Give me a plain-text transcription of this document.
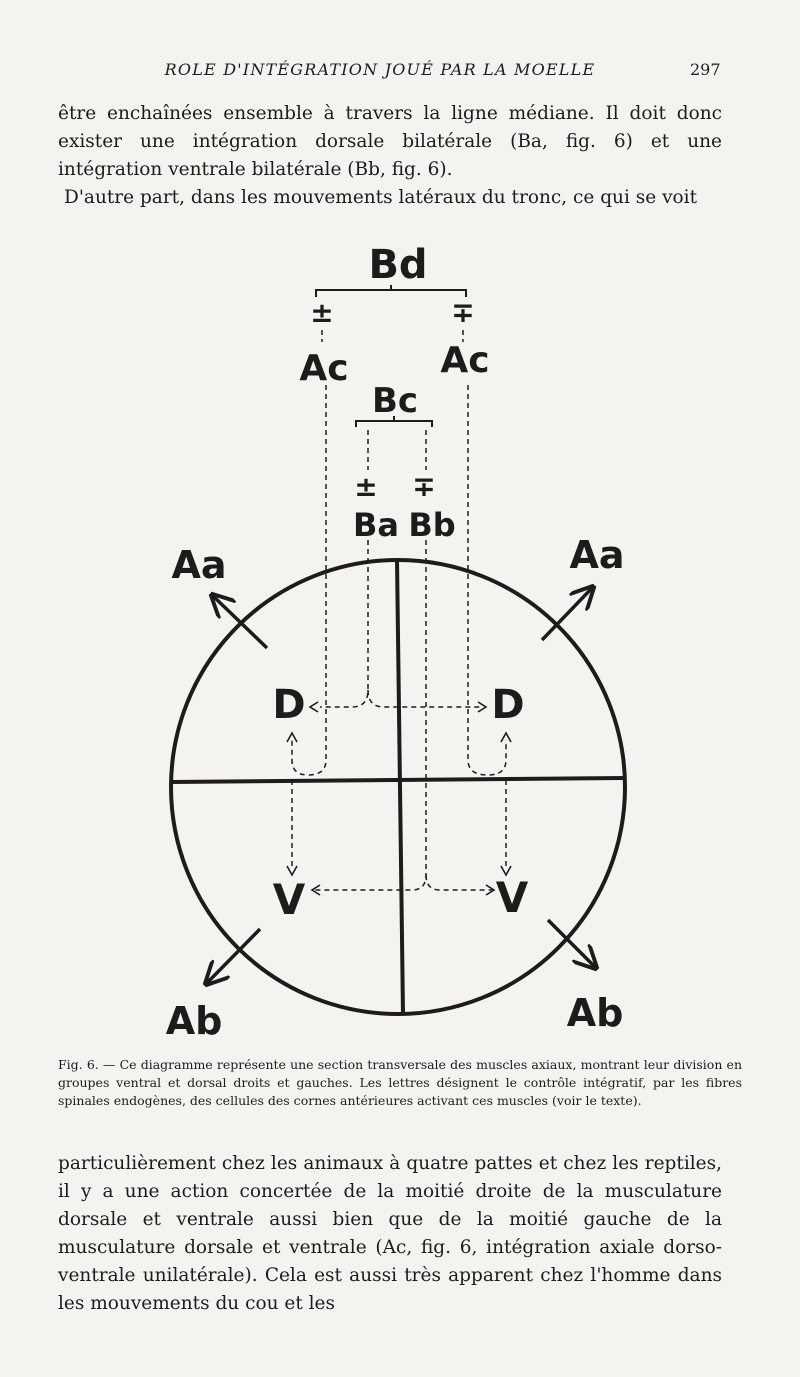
ROLE D'INTÉGRATION JOUÉ PAR LA MOELLE	297

être enchaînées ensemble à travers la ligne médiane. Il doit donc exister une intégration dorsale bilatérale (Ba, fig. 6) et une intégration ventrale bilatérale (Bb, fig. 6).

D'autre part, dans les mouvements latéraux du tronc, ce qui se voit

Bd
Bc
±	∓
Ac	Ac
± ∓
Ba Bb
Aa	Aa
D	D
V	V
Ab	Ab

Fig. 6. — Ce diagramme représente une section transversale des muscles axiaux, montrant leur division en groupes ventral et dorsal droits et gauches. Les lettres désignent le contrôle intégratif, par les fibres spinales endogènes, des cellules des cornes antérieures activant ces muscles (voir le texte).

particulièrement chez les animaux à quatre pattes et chez les reptiles, il y a une action concertée de la moitié droite de la musculature dorsale et ventrale aussi bien que de la moitié gauche de la musculature dorsale et ventrale (Ac, fig. 6, intégration axiale dorso-ventrale unilatérale). Cela est aussi très apparent chez l'homme dans les mouvements du cou et les
